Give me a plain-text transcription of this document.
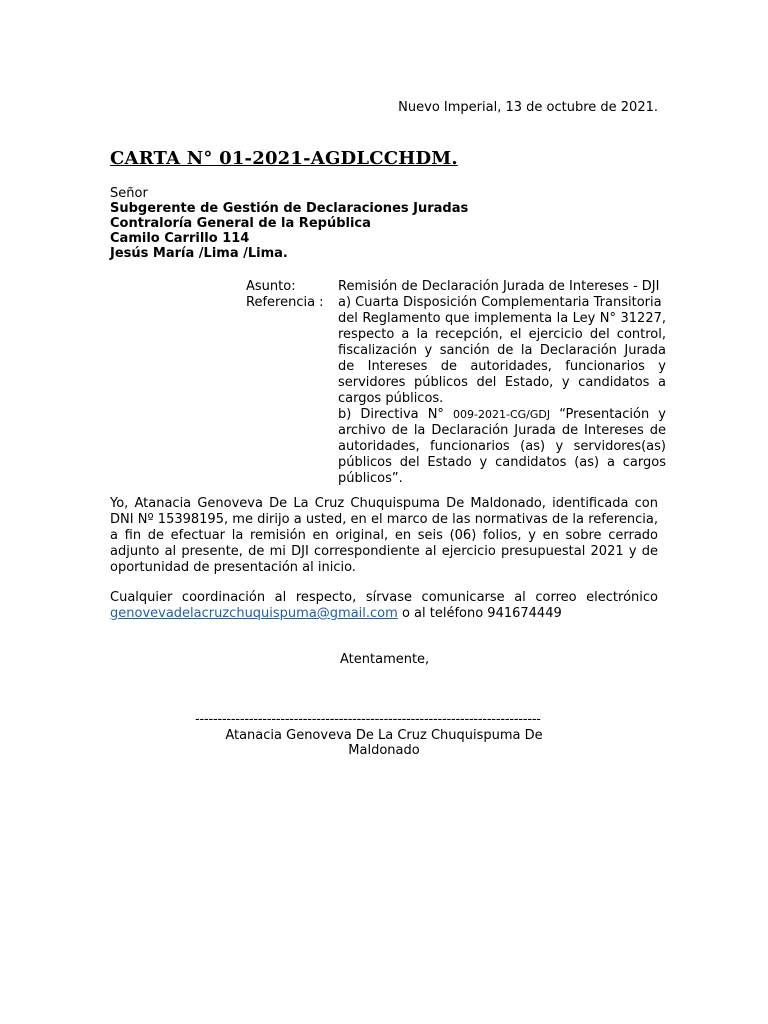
Nuevo Imperial, 13 de octubre de 2021.
CARTA N° 01-2021-AGDLCCHDM.
Señor
Subgerente de Gestión de Declaraciones Juradas
Contraloría General de la República
Camilo Carrillo 114
Jesús María /Lima /Lima.
Asunto:	Remisión de Declaración Jurada de Intereses - DJI
Referencia :	a) Cuarta Disposición Complementaria Transitoria
del Reglamento que implementa la Ley N° 31227, respecto a la recepción, el ejercicio del control, fiscalización y sanción de la Declaración Jurada de Intereses de autoridades, funcionarios y servidores públicos del Estado, y candidatos a cargos públicos.
b) Directiva N° 009-2021-CG/GDJ “Presentación y archivo de la Declaración Jurada de Intereses de autoridades, funcionarios (as) y servidores(as) públicos del Estado y candidatos (as) a cargos públicos”.
Yo, Atanacia Genoveva De La Cruz Chuquispuma De Maldonado, identificada con DNI Nº 15398195, me dirijo a usted, en el marco de las normativas de la referencia, a fin de efectuar la remisión en original, en seis (06) folios, y en sobre cerrado adjunto al presente, de mi DJI correspondiente al ejercicio presupuestal 2021 y de oportunidad de presentación al inicio.
Cualquier coordinación al respecto, sírvase comunicarse al correo electrónico genovevadelacruzchuquispuma@gmail.com o al teléfono 941674449
Atentamente,
-----------------------------------------------------------------------------
Atanacia Genoveva De La Cruz Chuquispuma De Maldonado
